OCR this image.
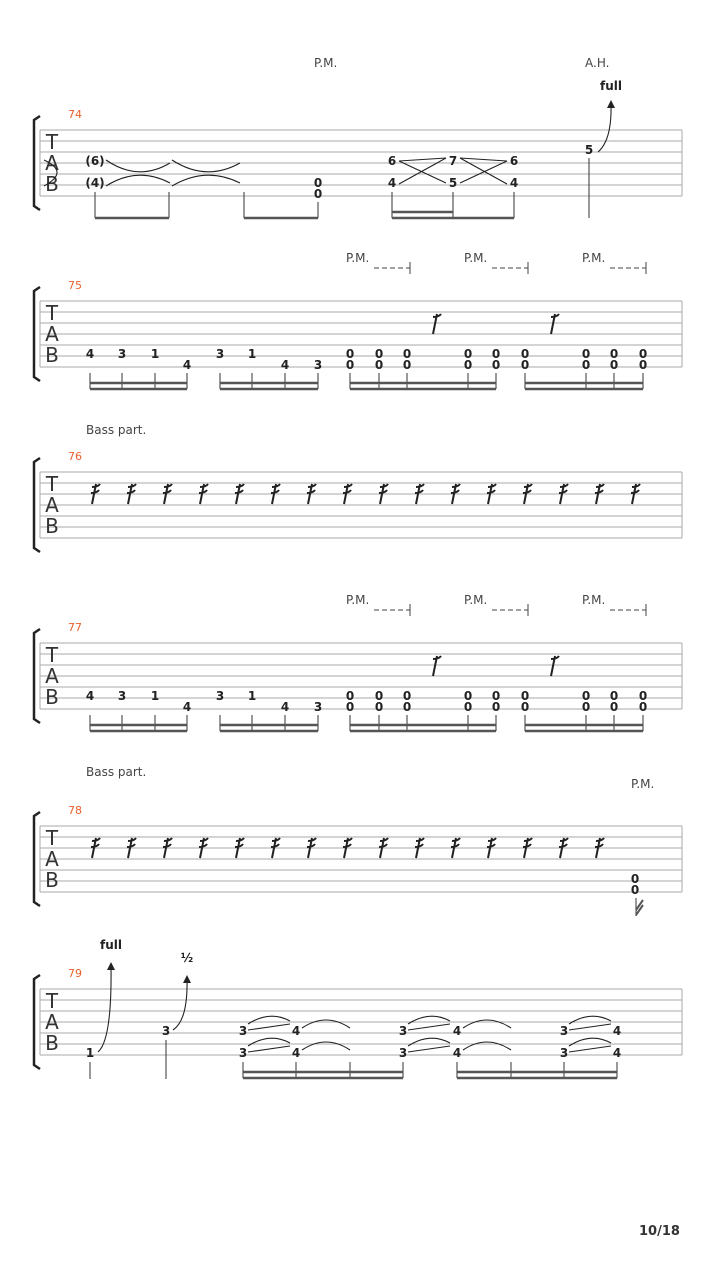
T
A
B
74
P.M.	A.H.
full
(6)
(4)	0
0
6
4
7
5
6
4
5
T
A
B
75
P.M.	P.M.	P.M.
4 3 1	3 1	0 0 0	0 0 0	0 0 0
4	4 3 0 0 0	0 0 0	0 0 0
T
A
B
76
Bass part.
T
A
B
77
P.M.	P.M.	P.M.
4 3 1	3 1	0 0 0	0 0 0	0 0 0
4	4 3 0 0 0	0 0 0	0 0 0
T
A
B
78
Bass part.
P.M.
0
0
T
A
B
79
full
½
1
3	3
3
4
4
3
3
4
4
3
3
4
4
10/18
